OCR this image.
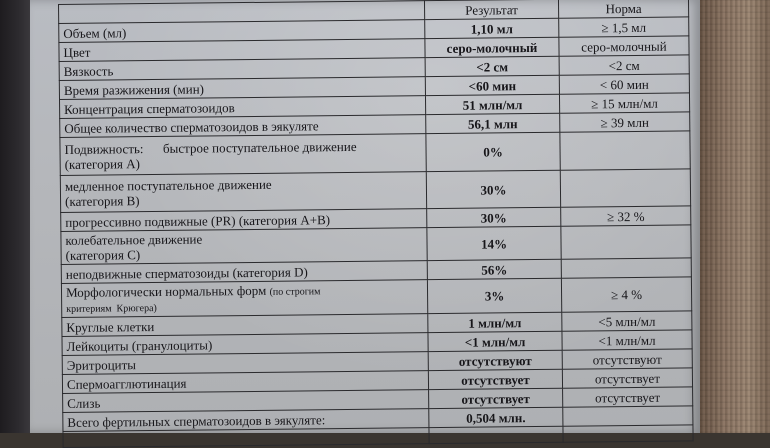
	Результат	Норма
Объем (мл)	1,10 мл	≥ 1,5 мл
Цвет	серо-молочный	серо-молочный
Вязкость	<2 см	<2 см
Время разжижения (мин)	<60 мин	< 60 мин
Концентрация сперматозоидов	51 млн/мл	≥ 15 млн/мл
Общее количество сперматозоидов в эякуляте	56,1 млн	≥ 39 млн

Подвижность:      быстрое поступательное движение
(категория А)	0%	

медленное поступательное движение
(категория В)	30%	
прогрессивно подвижные (PR) (категория А+В)	30%	≥ 32 %

колебательное движение
(категория С)	14%	
неподвижные сперматозоиды (категория D)	56%	

Морфологически нормальных форм (по строгим
критериям  Крюгера)	3%	≥ 4 %
Круглые клетки	1 млн/мл	<5 млн/мл
Лейкоциты (гранулоциты)	<1 млн/мл	<1 млн/мл
Эритроциты	отсутствуют	отсутствуют
Спермоагглютинация	отсутствует	отсутствует
Слизь	отсутствует	отсутствует
Всего фертильных сперматозоидов в эякуляте:	0,504 млн.	
